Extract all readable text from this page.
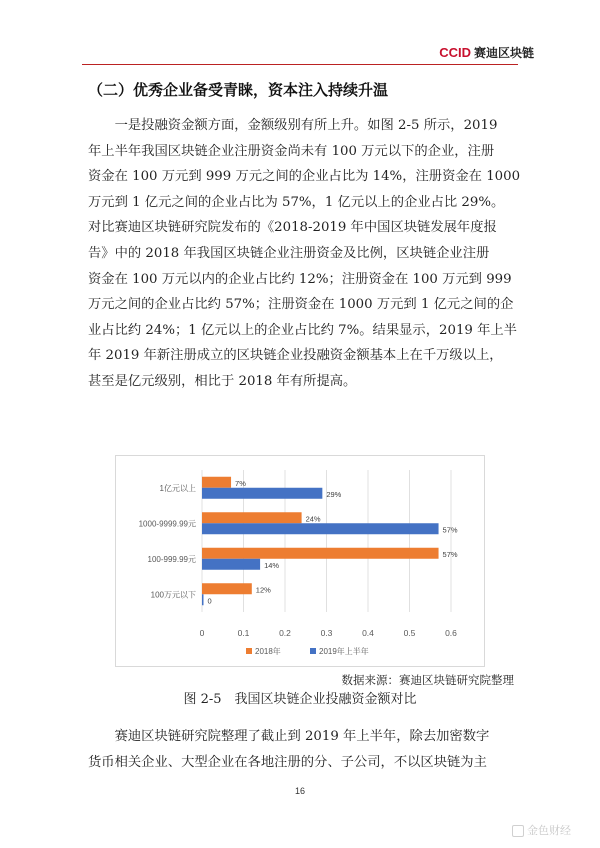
CCID 赛迪区块链
（二）优秀企业备受青睐，资本注入持续升温

　　一是投融资金额方面，金额级别有所上升。如图 2-5 所示，2019
年上半年我国区块链企业注册资金尚未有 100 万元以下的企业，注册
资金在 100 万元到 999 万元之间的企业占比为 14%，注册资金在 1000
万元到 1 亿元之间的企业占比为 57%，1 亿元以上的企业占比 29%。
对比赛迪区块链研究院发布的《2018-2019 年中国区块链发展年度报
告》中的 2018 年我国区块链企业注册资金及比例，区块链企业注册
资金在 100 万元以内的企业占比约 12%；注册资金在 100 万元到 999
万元之间的企业占比约 57%；注册资金在 1000 万元到 1 亿元之间的企
业占比约 24%；1 亿元以上的企业占比约 7%。结果显示，2019 年上半
年 2019 年新注册成立的区块链企业投融资金额基本上在千万级以上，
甚至是亿元级别，相比于 2018 年有所提高。

0	0.1	0.2	0.3	0.4	0.5	0.6
1亿元以上
7%
29%
1000-9999.99元
24%
57%
100-999.99元
57%
14%
100万元以下
12%
0
2018年	2019年上半年
数据来源：赛迪区块链研究院整理
图 2-5　我国区块链企业投融资金额对比

　　赛迪区块链研究院整理了截止到 2019 年上半年，除去加密数字
货币相关企业、大型企业在各地注册的分、子公司，不以区块链为主

16
金色财经
